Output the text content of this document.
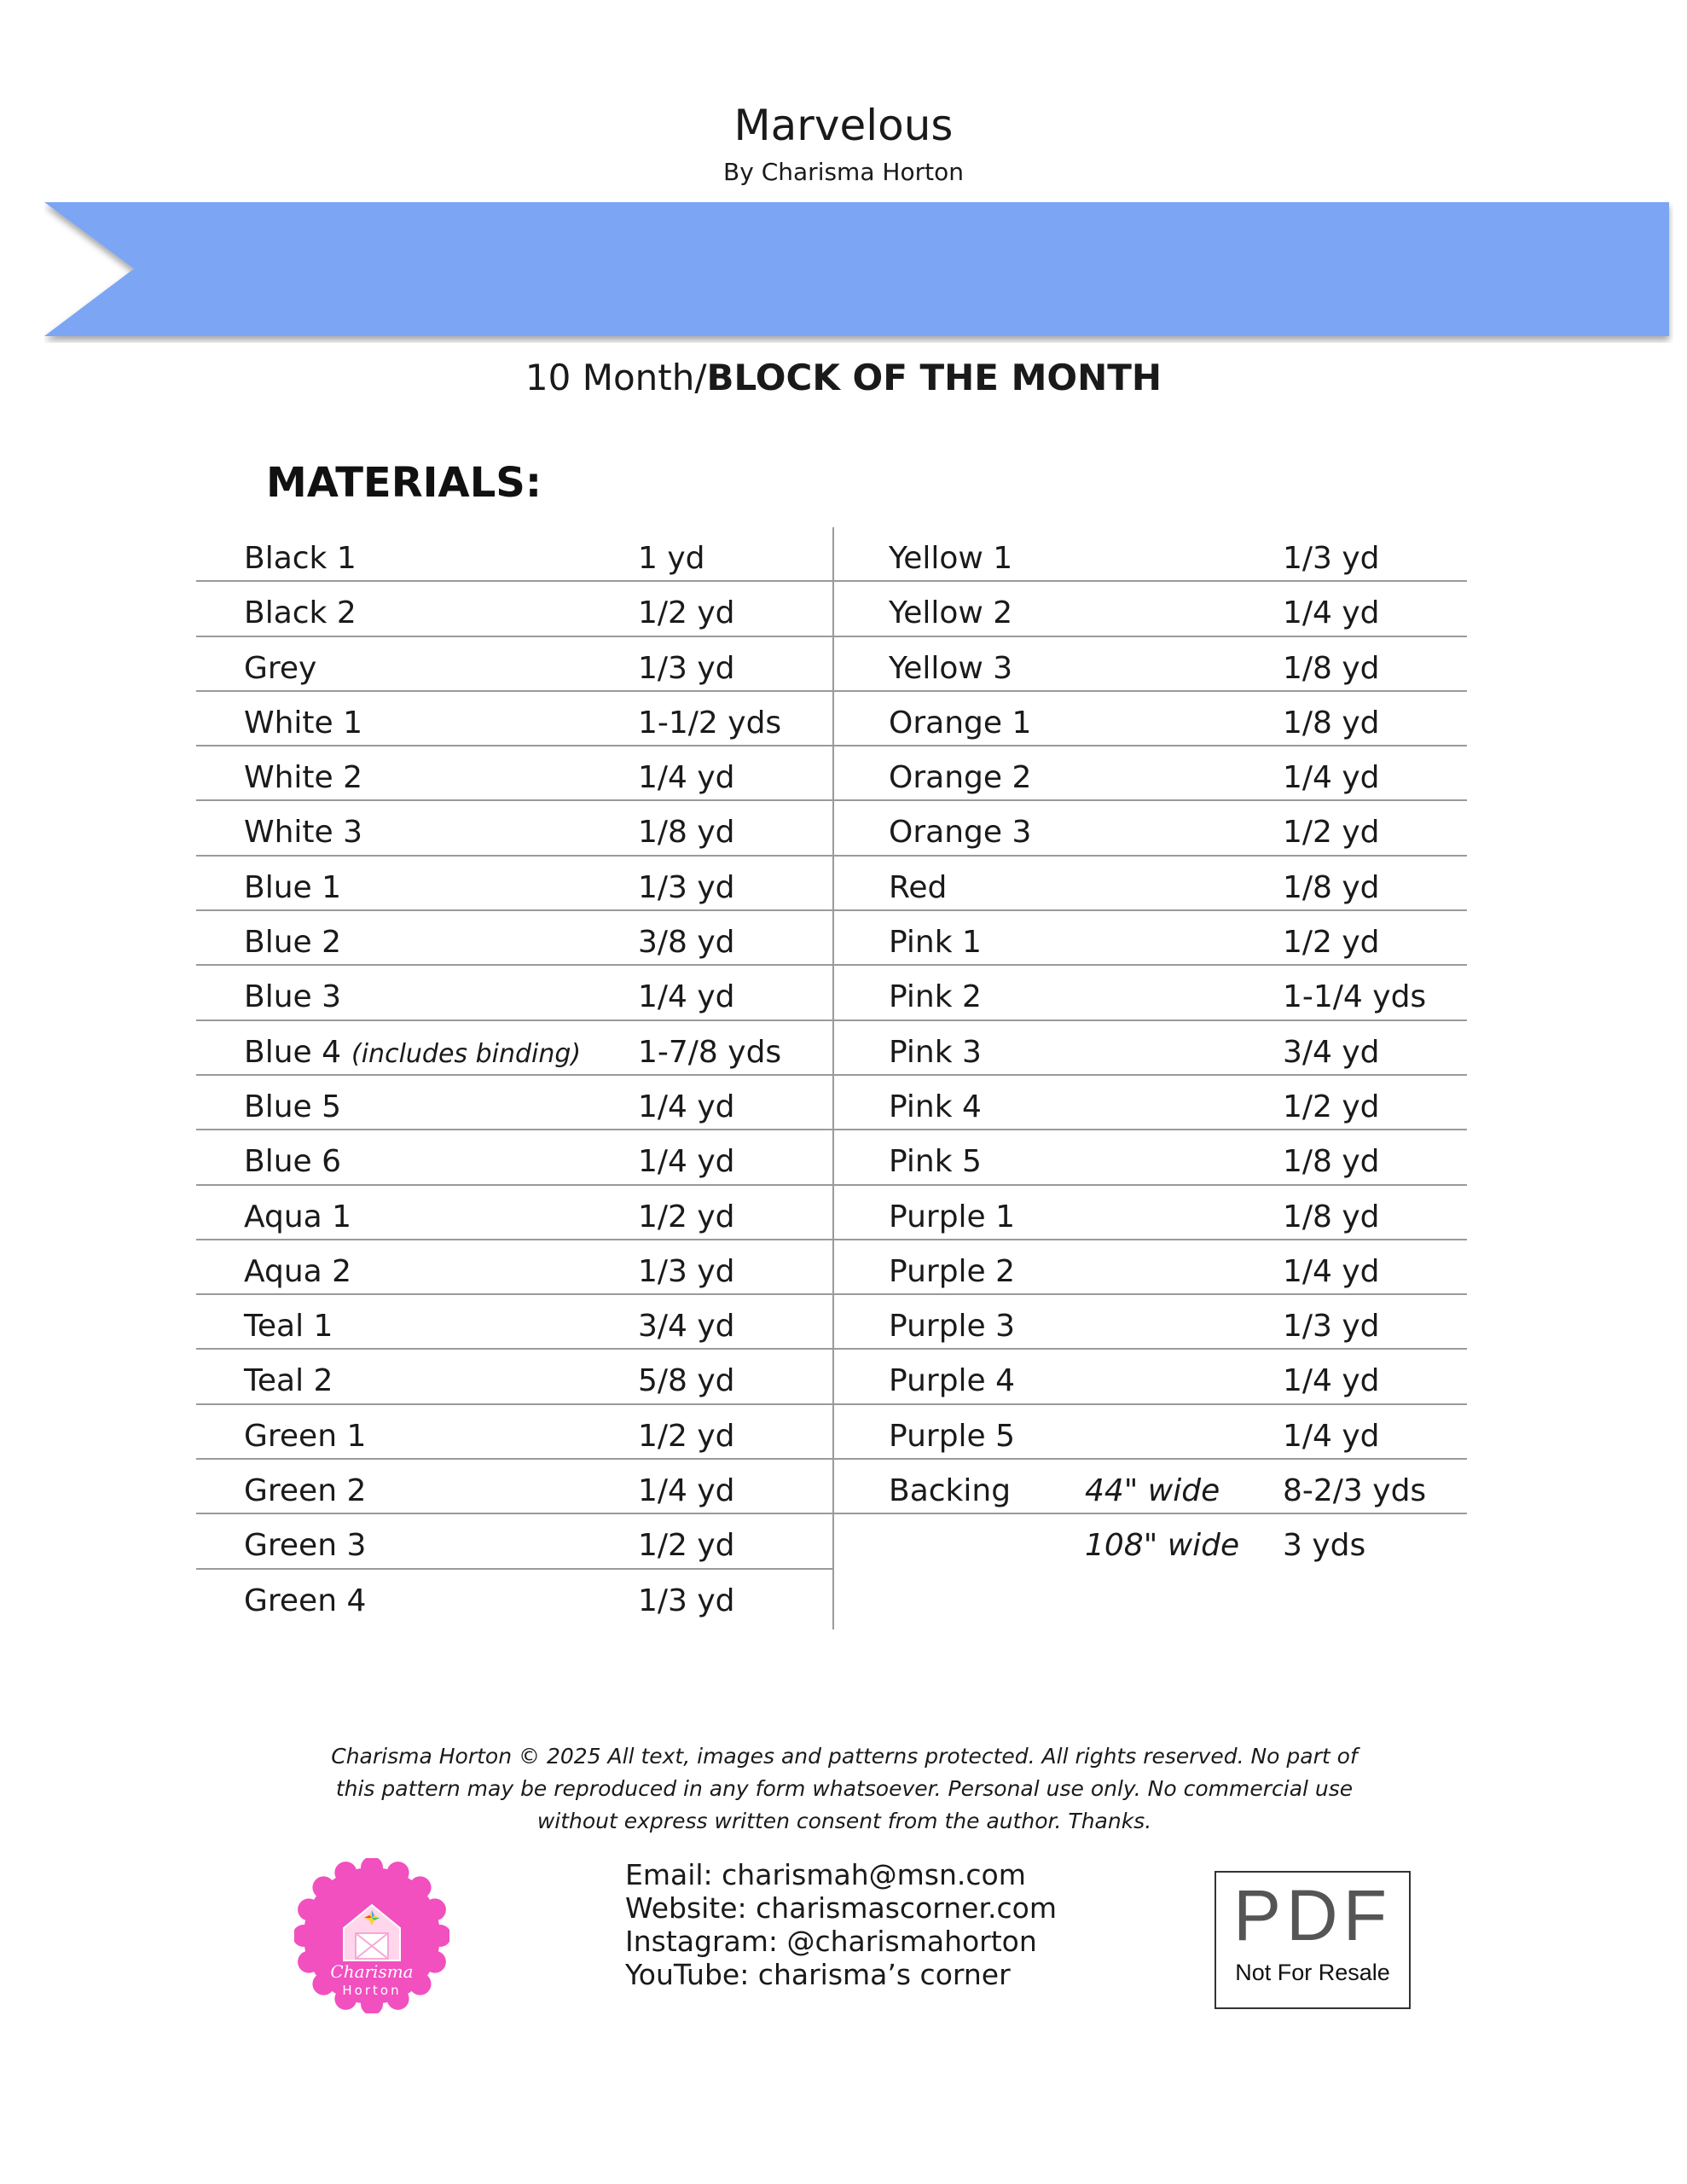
Marvelous
By Charisma Horton
10 Month/BLOCK OF THE MONTH
MATERIALS:
Black 1	1 yd
Black 2	1/2 yd
Grey	1/3 yd
White 1	1-1/2 yds
White 2	1/4 yd
White 3	1/8 yd
Blue 1	1/3 yd
Blue 2	3/8 yd
Blue 3	1/4 yd
Blue 4 (includes binding) 1-7/8 yds
Blue 5	1/4 yd
Blue 6	1/4 yd
Aqua 1	1/2 yd
Aqua 2	1/3 yd
Teal 1	3/4 yd
Teal 2	5/8 yd
Green 1	1/2 yd
Green 2	1/4 yd
Green 3	1/2 yd
Green 4	1/3 yd
Yellow 1	1/3 yd
Yellow 2	1/4 yd
Yellow 3	1/8 yd
Orange 1	1/8 yd
Orange 2	1/4 yd
Orange 3	1/2 yd
Red	1/8 yd
Pink 1	1/2 yd
Pink 2	1-1/4 yds
Pink 3	3/4 yd
Pink 4	1/2 yd
Pink 5	1/8 yd
Purple 1	1/8 yd
Purple 2	1/4 yd
Purple 3	1/3 yd
Purple 4	1/4 yd
Purple 5	1/4 yd
Backing 44" wide 8-2/3 yds
108" wide 3 yds
Charisma Horton © 2025 All text, images and patterns protected. All rights reserved. No part of this pattern may be reproduced in any form whatsoever. Personal use only. No commercial use without express written consent from the author. Thanks.
Charisma
Horton
Email: charismah@msn.com
Website: charismascorner.com
Instagram: @charismahorton
YouTube: charisma’s corner
PDF
Not For Resale
